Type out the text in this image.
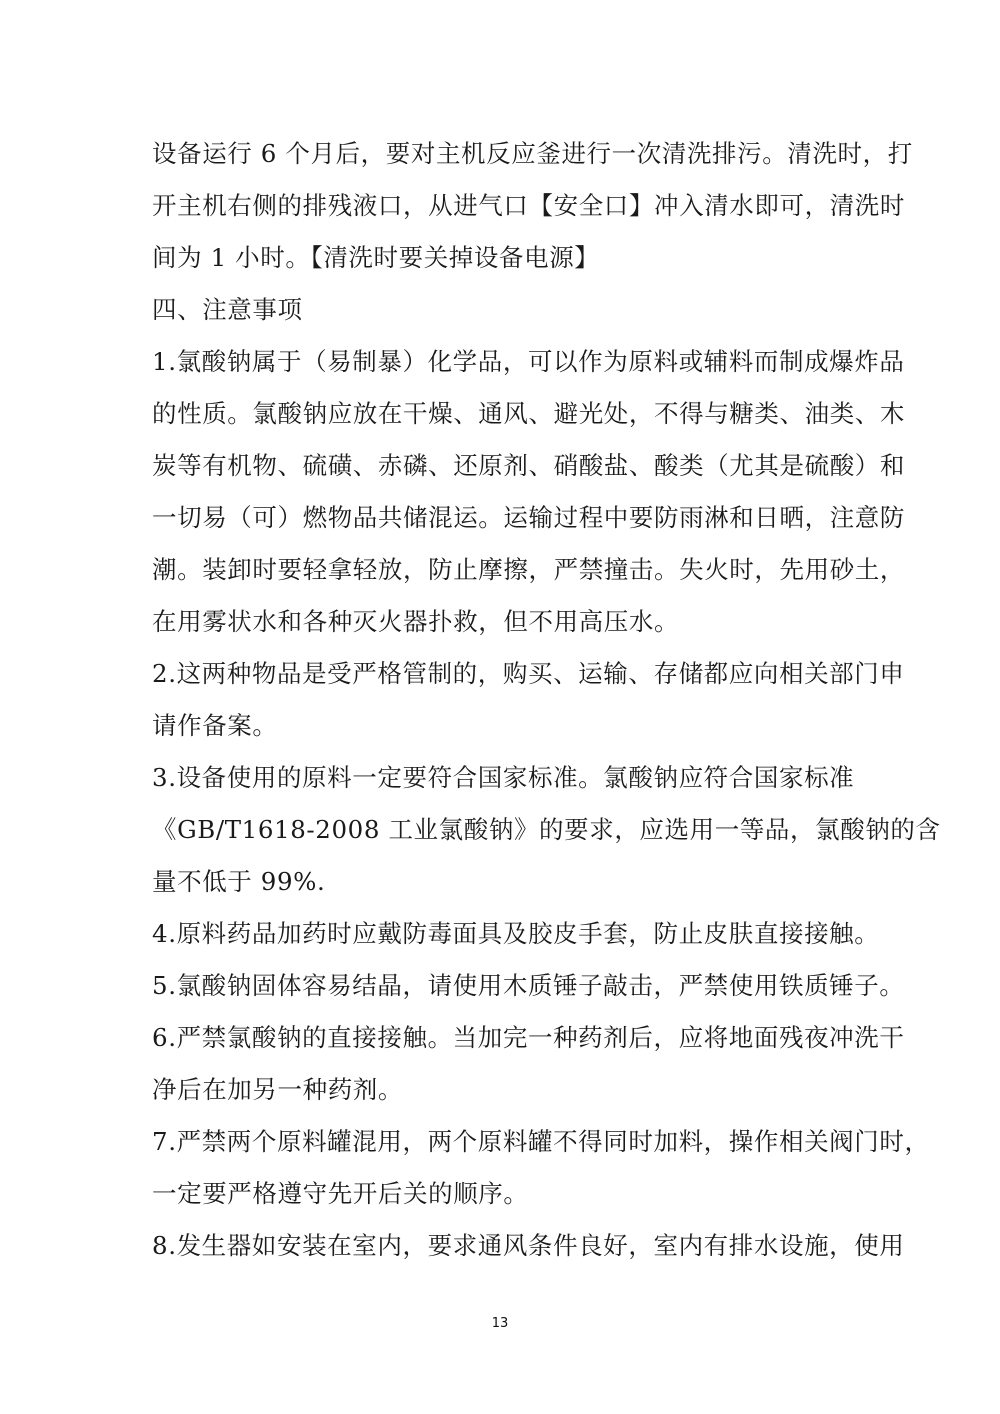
设备运行 6 个月后，要对主机反应釜进行一次清洗排污。清洗时，打
开主机右侧的排残液口，从进气口【安全口】冲入清水即可，清洗时
间为 1 小时。【清洗时要关掉设备电源】
四、注意事项
1.氯酸钠属于（易制暴）化学品，可以作为原料或辅料而制成爆炸品
的性质。氯酸钠应放在干燥、通风、避光处，不得与糖类、油类、木
炭等有机物、硫磺、赤磷、还原剂、硝酸盐、酸类（尤其是硫酸）和
一切易（可）燃物品共储混运。运输过程中要防雨淋和日晒，注意防
潮。装卸时要轻拿轻放，防止摩擦，严禁撞击。失火时，先用砂土，
在用雾状水和各种灭火器扑救，但不用高压水。
2.这两种物品是受严格管制的，购买、运输、存储都应向相关部门申
请作备案。
3.设备使用的原料一定要符合国家标准。氯酸钠应符合国家标准
《GB/T1618-2008 工业氯酸钠》的要求，应选用一等品，氯酸钠的含
量不低于 99%.
4.原料药品加药时应戴防毒面具及胶皮手套，防止皮肤直接接触。
5.氯酸钠固体容易结晶，请使用木质锤子敲击，严禁使用铁质锤子。
6.严禁氯酸钠的直接接触。当加完一种药剂后，应将地面残夜冲洗干
净后在加另一种药剂。
7.严禁两个原料罐混用，两个原料罐不得同时加料，操作相关阀门时，
一定要严格遵守先开后关的顺序。
8.发生器如安装在室内，要求通风条件良好，室内有排水设施，使用
13
